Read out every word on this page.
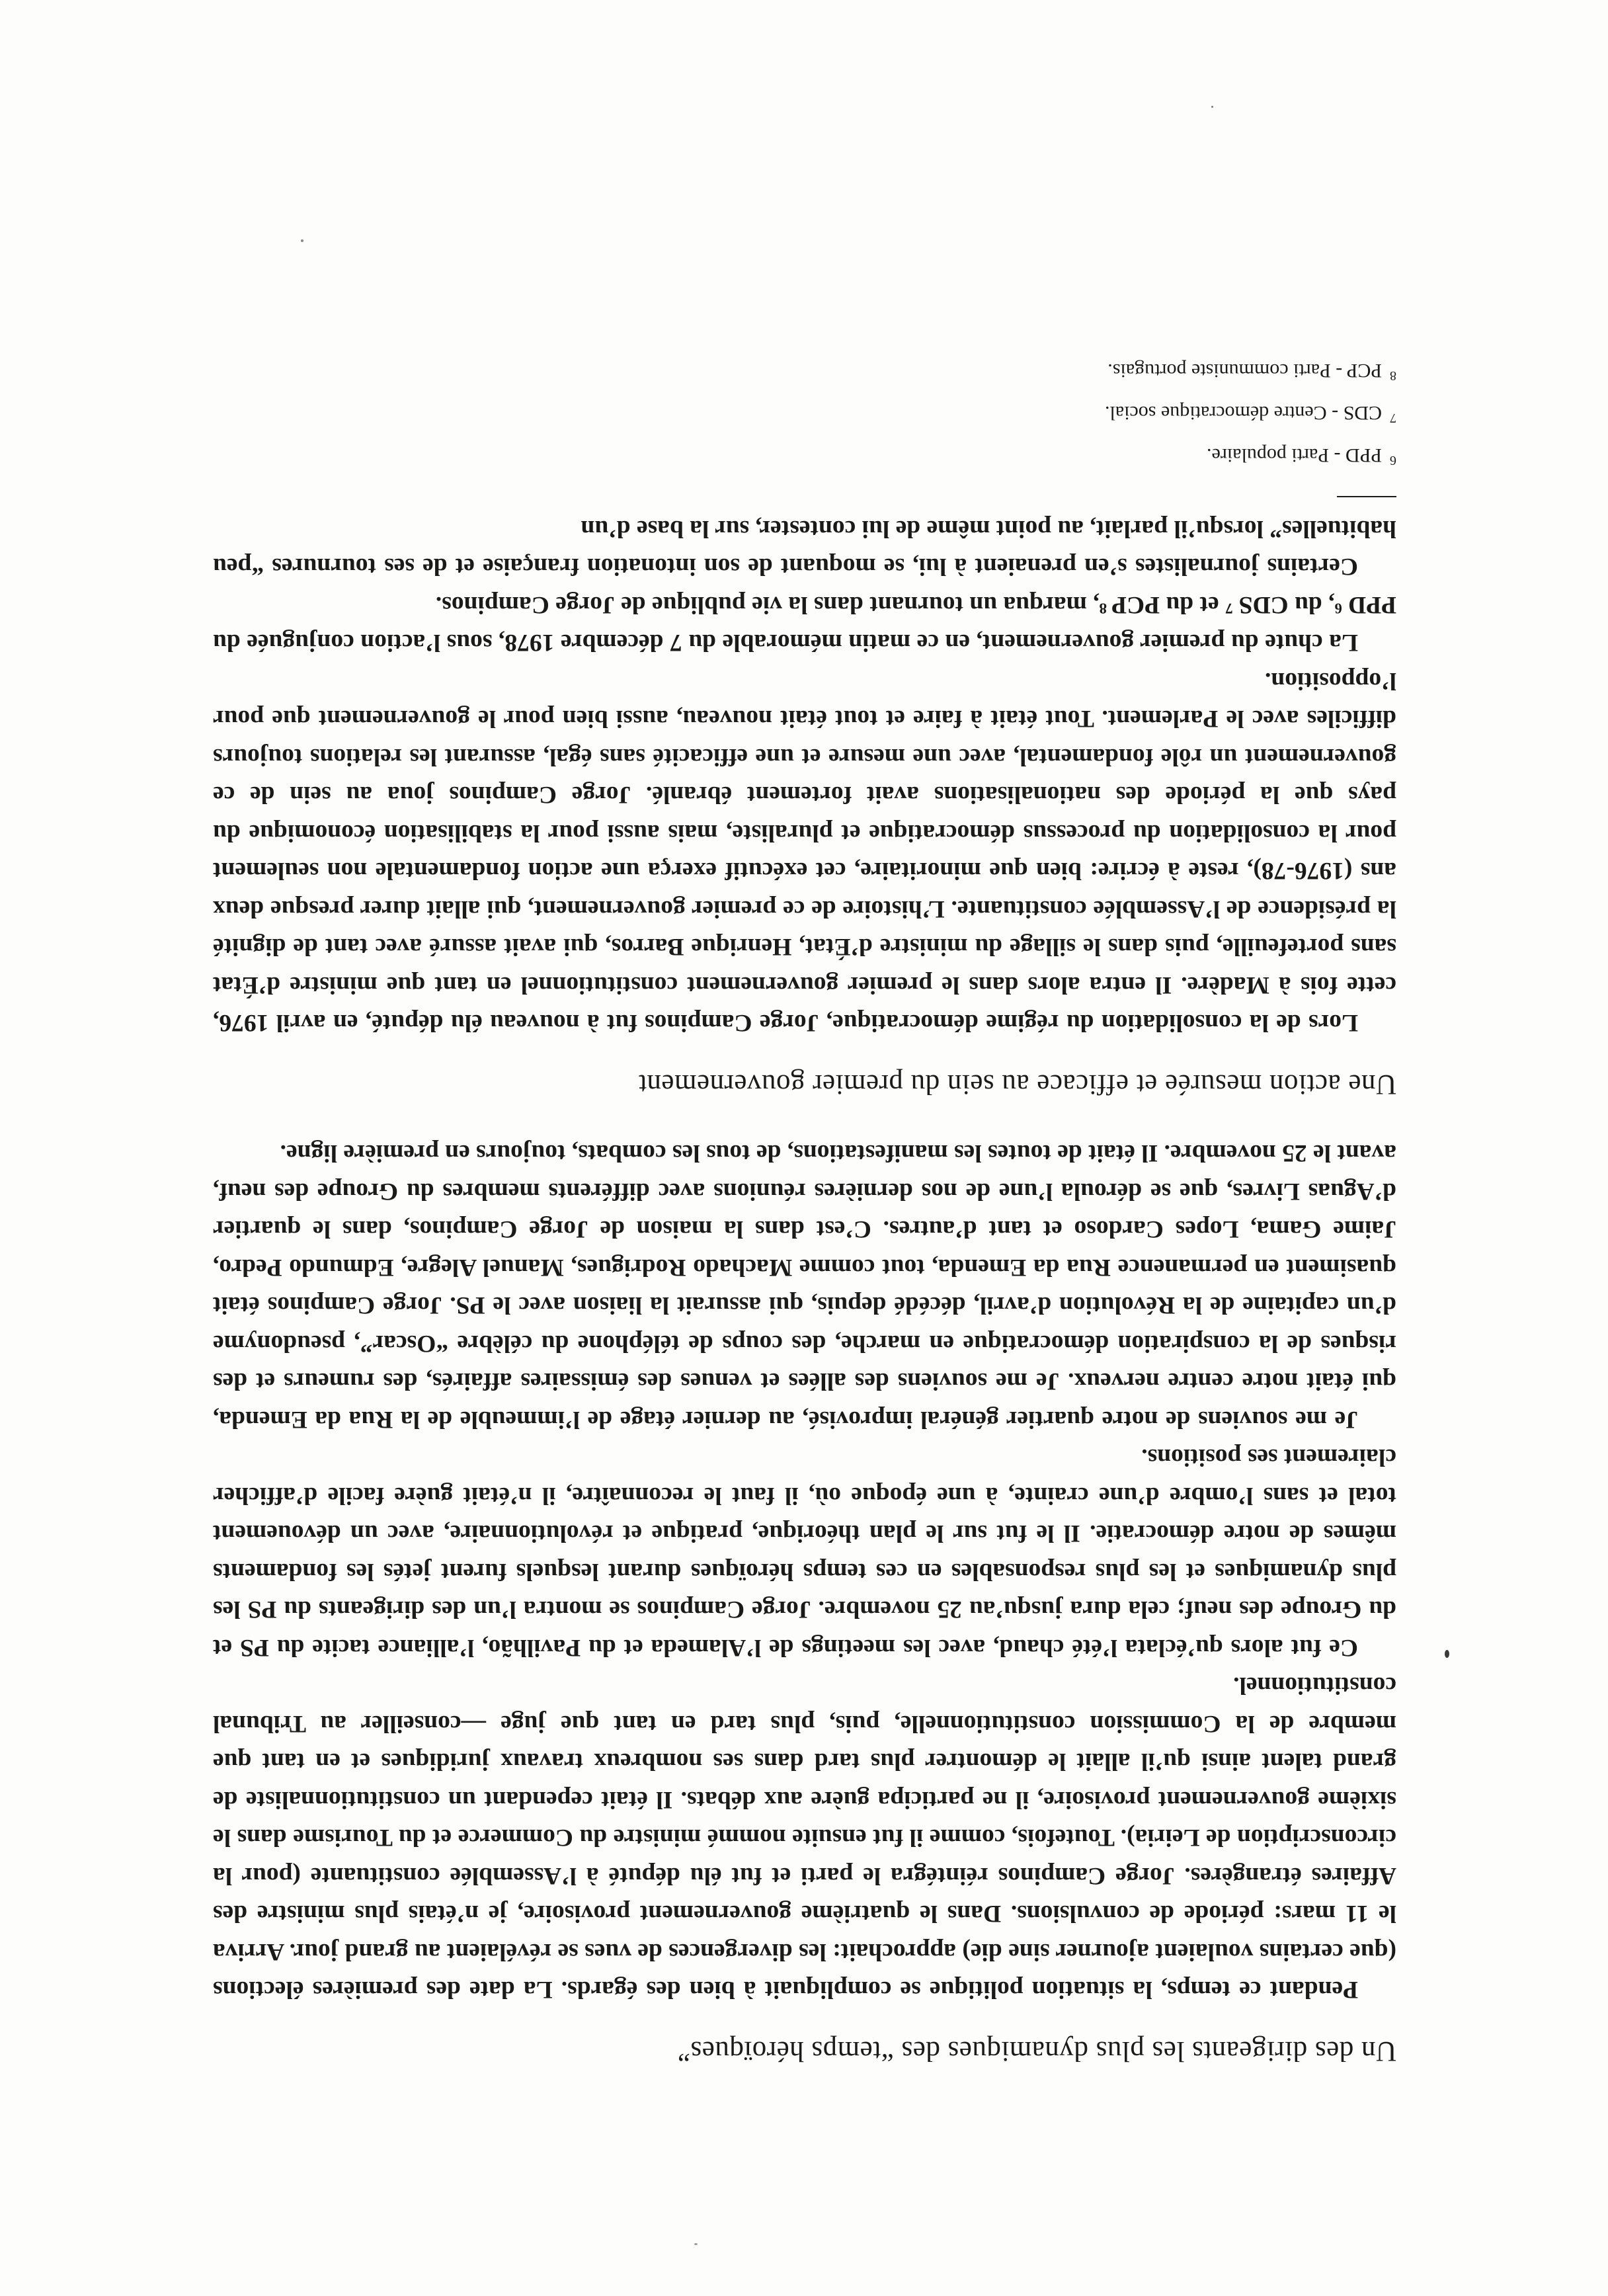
Un des dirigeants les plus dynamiques des “temps héroïques”

Pendant ce temps, la situation politique se compliquait à bien des égards. La date des premières élections (que certains voulaient ajourner sine die) approchait: les divergences de vues se révélaient au grand jour. Arriva le 11 mars: période de convulsions. Dans le quatrième gouvernement provisoire, je n’étais plus ministre des Affaires étrangères. Jorge Campinos réintégra le parti et fut élu député à l’Assemblée constituante (pour la circonscription de Leiria). Toutefois, comme il fut ensuite nommé ministre du Commerce et du Tourisme dans le sixième gouvernement provisoire, il ne participa guère aux débats. Il était cependant un constitutionnaliste de grand talent ainsi qu’il allait le démontrer plus tard dans ses nombreux travaux juridiques et en tant que membre de la Commission constitutionnelle, puis, plus tard en tant que juge —conseiller au Tribunal constitutionnel.

Ce fut alors qu’éclata l’été chaud, avec les meetings de l’Alameda et du Pavilhão, l’alliance tacite du PS et du Groupe des neuf; cela dura jusqu’au 25 novembre. Jorge Campinos se montra l’un des dirigeants du PS les plus dynamiques et les plus responsables en ces temps héroïques durant lesquels furent jetés les fondaments mêmes de notre démocratie. Il le fut sur le plan théorique, pratique et révolutionnaire, avec un dévouement total et sans l’ombre d’une crainte, à une époque où, il faut le reconnaître, il n’était guère facile d’afficher clairement ses positions.

Je me souviens de notre quartier général improvisé, au dernier étage de l’immeuble de la Rua da Emenda, qui était notre centre nerveux. Je me souviens des allées et venues des émissaires affairés, des rumeurs et des risques de la conspiration démocratique en marche, des coups de téléphone du célèbre “Oscar”, pseudonyme d’un capitaine de la Révolution d’avril, décédé depuis, qui assurait la liaison avec le PS. Jorge Campinos était quasiment en permanence Rua da Emenda, tout comme Machado Rodrigues, Manuel Alegre, Edmundo Pedro, Jaime Gama, Lopes Cardoso et tant d’autres. C’est dans la maison de Jorge Campinos, dans le quartier d’Aguas Livres, que se déroula l’une de nos dernières réunions avec différents membres du Groupe des neuf, avant le 25 novembre. Il était de toutes les manifestations, de tous les combats, toujours en première ligne.

Une action mesurée et efficace au sein du premier gouvernement

Lors de la consolidation du régime démocratique, Jorge Campinos fut à nouveau élu député, en avril 1976, cette fois à Madère. Il entra alors dans le premier gouvernement constitutionnel en tant que ministre d’État sans portefeuille, puis dans le sillage du ministre d’État, Henrique Barros, qui avait assuré avec tant de dignité la présidence de l’Assemblée constituante. L’histoire de ce premier gouvernement, qui allait durer presque deux ans (1976-78), reste à écrire: bien que minoritaire, cet exécutif exerça une action fondamentale non seulement pour la consolidation du processus démocratique et pluraliste, mais aussi pour la stabilisation économique du pays que la période des nationalisations avait fortement ébranlé. Jorge Campinos joua au sein de ce gouvernement un rôle fondamental, avec une mesure et une efficacité sans égal, assurant les relations toujours difficiles avec le Parlement. Tout était à faire et tout était nouveau, aussi bien pour le gouvernement que pour l’opposition.

La chute du premier gouvernement, en ce matin mémorable du 7 décembre 1978, sous l’action conjuguée du PPD ⁶, du CDS ⁷ et du PCP ⁸, marqua un tournant dans la vie publique de Jorge Campinos.

Certains journalistes s’en prenaient à lui, se moquant de son intonation française et de ses tournures “peu habituelles” lorsqu’il parlait, au point même de lui contester, sur la base d’un

$^6$PPD - Parti populaire.
$^7$CDS - Centre démocratique social.
$^8$PCP - Parti communiste portugais.
